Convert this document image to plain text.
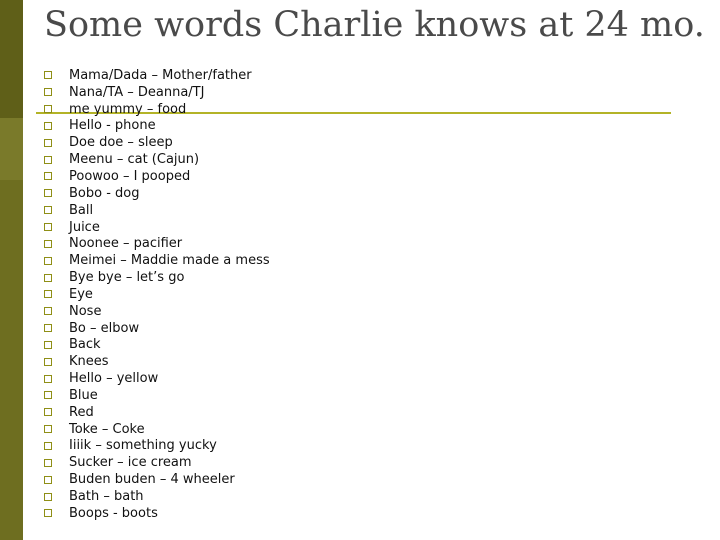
Some words Charlie knows at 24 mo.
Mama/Dada – Mother/father
Nana/TA – Deanna/TJ
me yummy – food
Hello - phone
Doe doe – sleep
Meenu – cat (Cajun)
Poowoo – I pooped
Bobo - dog
Ball
Juice
Noonee – pacifier
Meimei – Maddie made a mess
Bye bye – let’s go
Eye
Nose
Bo – elbow
Back
Knees
Hello – yellow
Blue
Red
Toke – Coke
Iiiik – something yucky
Sucker – ice cream
Buden buden – 4 wheeler
Bath – bath
Boops - boots
